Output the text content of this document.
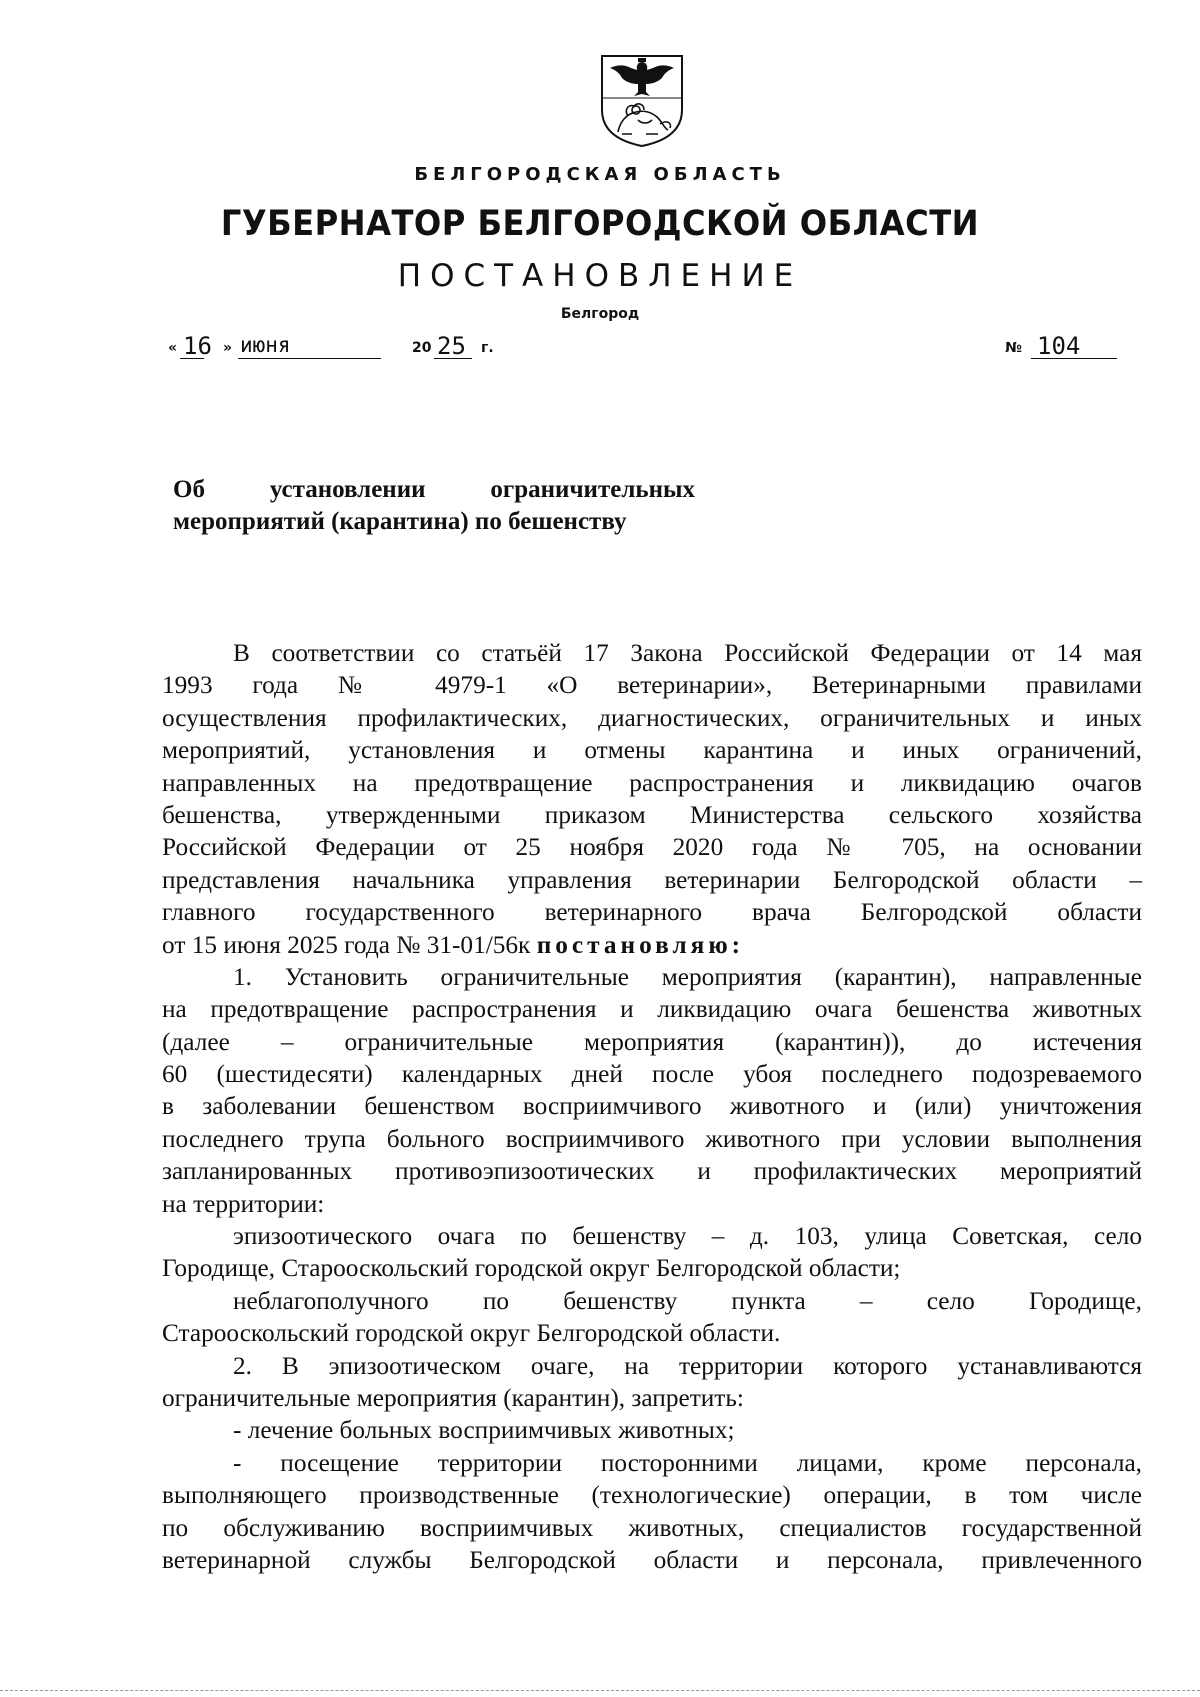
БЕЛГОРОДСКАЯ ОБЛАСТЬ
ГУБЕРНАТОР БЕЛГОРОДСКОЙ ОБЛАСТИ
ПОСТАНОВЛЕНИЕ
Белгород
« 16 » июня	20 25 г.	№ 104
Об установлении ограничительных
мероприятий (карантина) по бешенству
В соответствии со статьёй 17 Закона Российской Федерации от 14 мая
1993 года № 4979-1 «О ветеринарии», Ветеринарными правилами
осуществления профилактических, диагностических, ограничительных и иных
мероприятий, установления и отмены карантина и иных ограничений,
направленных на предотвращение распространения и ликвидацию очагов
бешенства, утвержденными приказом Министерства сельского хозяйства
Российской Федерации от 25 ноября 2020 года № 705, на основании
представления начальника управления ветеринарии Белгородской области –
главного государственного ветеринарного врача Белгородской области
от 15 июня 2025 года № 31-01/56к постановляю:
1. Установить ограничительные мероприятия (карантин), направленные
на предотвращение распространения и ликвидацию очага бешенства животных
(далее – ограничительные мероприятия (карантин)), до истечения
60 (шестидесяти) календарных дней после убоя последнего подозреваемого
в заболевании бешенством восприимчивого животного и (или) уничтожения
последнего трупа больного восприимчивого животного при условии выполнения
запланированных противоэпизоотических и профилактических мероприятий
на территории:
эпизоотического очага по бешенству – д. 103, улица Советская, село
Городище, Старооскольский городской округ Белгородской области;
неблагополучного по бешенству пункта – село Городище,
Старооскольский городской округ Белгородской области.
2. В эпизоотическом очаге, на территории которого устанавливаются
ограничительные мероприятия (карантин), запретить:
- лечение больных восприимчивых животных;
- посещение территории посторонними лицами, кроме персонала,
выполняющего производственные (технологические) операции, в том числе
по обслуживанию восприимчивых животных, специалистов государственной
ветеринарной службы Белгородской области и персонала, привлеченного
